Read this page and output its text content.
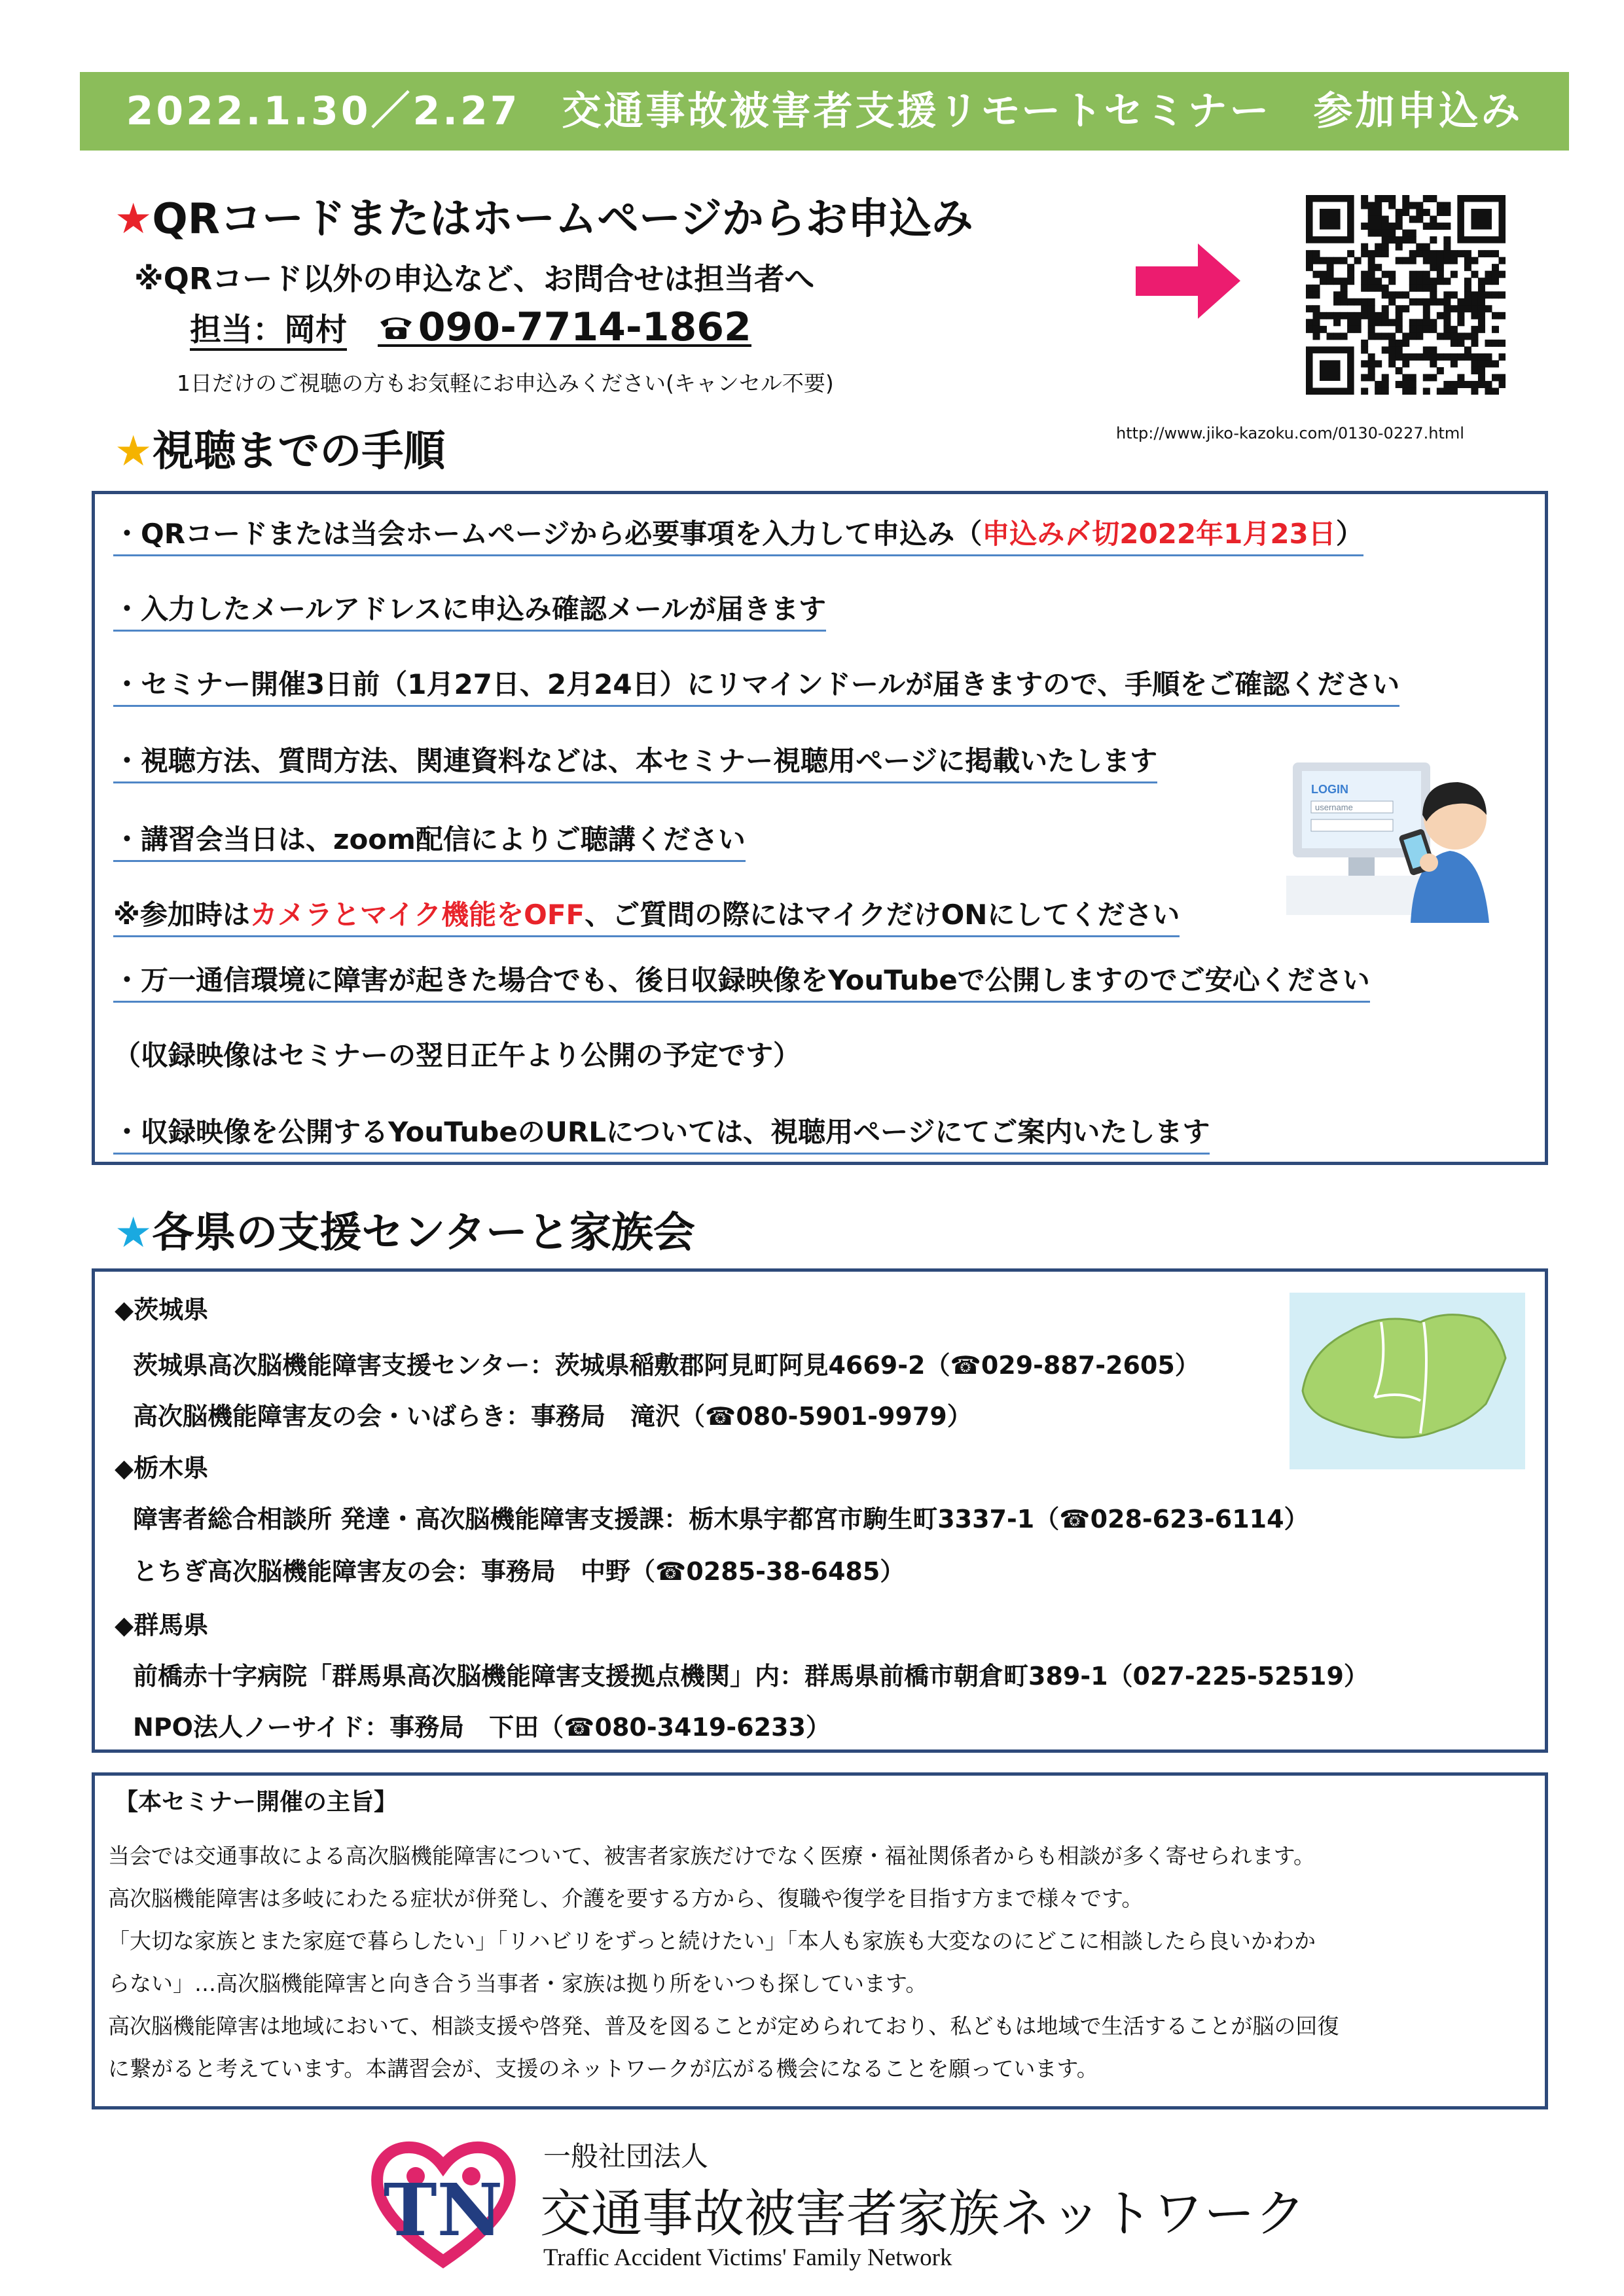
2022.1.30／2.27　交通事故被害者支援リモートセミナー　参加申込み
★QRコードまたはホームページからお申込み
※QRコード以外の申込など、お問合せは担当者へ
担当：岡村 090-7714-1862
1日だけのご視聴の方もお気軽にお申込みください(キャンセル不要)
http://www.jiko-kazoku.com/0130-0227.html
★視聴までの手順
・QRコードまたは当会ホームページから必要事項を入力して申込み（申込み〆切2022年1月23日）
・入力したメールアドレスに申込み確認メールが届きます
・セミナー開催3日前（1月27日、2月24日）にリマインドールが届きますので、手順をご確認ください
・視聴方法、質問方法、関連資料などは、本セミナー視聴用ページに掲載いたします
・講習会当日は、zoom配信によりご聴講ください
※参加時はカメラとマイク機能をOFF、ご質問の際にはマイクだけONにしてください
・万一通信環境に障害が起きた場合でも、後日収録映像をYouTubeで公開しますのでご安心ください
（収録映像はセミナーの翌日正午より公開の予定です）
・収録映像を公開するYouTubeのURLについては、視聴用ページにてご案内いたします
LOGIN
username
★各県の支援センターと家族会
◆茨城県
茨城県高次脳機能障害支援センター：茨城県稲敷郡阿見町阿見4669-2（☎029-887-2605）
高次脳機能障害友の会・いばらき：事務局　滝沢（☎080-5901-9979）
◆栃木県
障害者総合相談所 発達・高次脳機能障害支援課：栃木県宇都宮市駒生町3337-1（☎028-623-6114）
とちぎ高次脳機能障害友の会：事務局　中野（☎0285-38-6485）
◆群馬県
前橋赤十字病院「群馬県高次脳機能障害支援拠点機関」内：群馬県前橋市朝倉町389-1（027-225-52519）
NPO法人ノーサイド：事務局　下田（☎080-3419-6233）
【本セミナー開催の主旨】
当会では交通事故による高次脳機能障害について、被害者家族だけでなく医療・福祉関係者からも相談が多く寄せられます。
高次脳機能障害は多岐にわたる症状が併発し、介護を要する方から、復職や復学を目指す方まで様々です。
「大切な家族とまた家庭で暮らしたい」「リハビリをずっと続けたい」「本人も家族も大変なのにどこに相談したら良いかわか
らない」…高次脳機能障害と向き合う当事者・家族は拠り所をいつも探しています。
高次脳機能障害は地域において、相談支援や啓発、普及を図ることが定められており、私どもは地域で生活することが脳の回復
に繋がると考えています。本講習会が、支援のネットワークが広がる機会になることを願っています。
TN
一般社団法人
交通事故被害者家族ネットワーク
Traffic Accident Victims' Family Network
